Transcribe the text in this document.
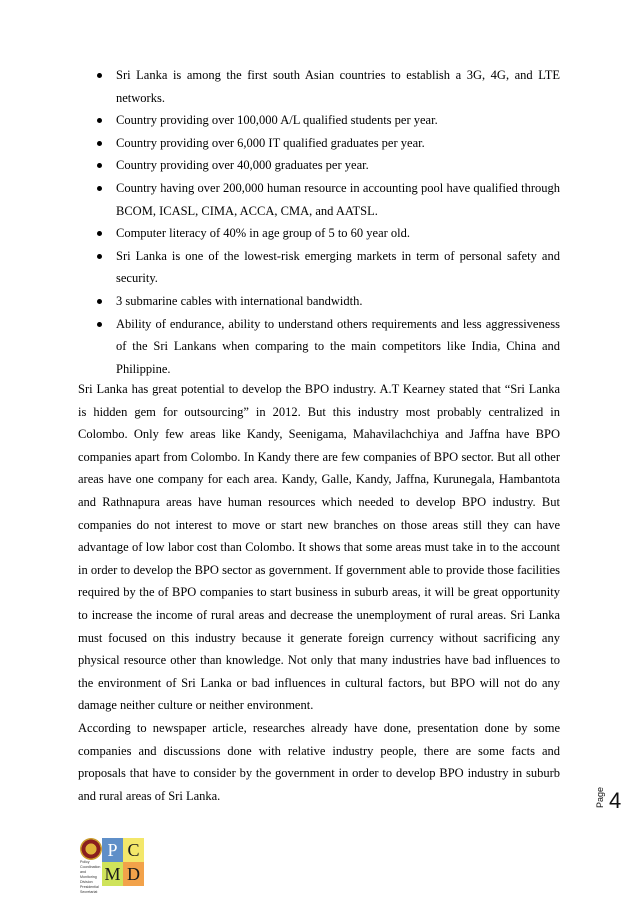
Sri Lanka is among the first south Asian countries to establish a 3G, 4G, and LTE networks.
Country providing over 100,000 A/L qualified students per year.
Country providing over 6,000 IT qualified graduates per year.
Country providing over 40,000 graduates per year.
Country having over 200,000 human resource in accounting pool have qualified through BCOM, ICASL, CIMA, ACCA, CMA, and AATSL.
Computer literacy of 40% in age group of 5 to 60 year old.
Sri Lanka is one of the lowest-risk emerging markets in term of personal safety and security.
3 submarine cables with international bandwidth.
Ability of endurance, ability to understand others requirements and less aggressiveness of the Sri Lankans when comparing to the main competitors like India, China and Philippine.

Sri Lanka has great potential to develop the BPO industry. A.T Kearney stated that “Sri Lanka is hidden gem for outsourcing” in 2012. But this industry most probably centralized in Colombo. Only few areas like Kandy, Seenigama, Mahavilachchiya and Jaffna have BPO companies apart from Colombo. In Kandy there are few companies of BPO sector. But all other areas have one company for each area. Kandy, Galle, Kandy, Jaffna, Kurunegala, Hambantota and Rathnapura areas have human resources which needed to develop BPO industry. But companies do not interest to move or start new branches on those areas still they can have advantage of low labor cost than Colombo. It shows that some areas must take in to the account in order to develop the BPO sector as government. If government able to provide those facilities required by the of BPO companies to start business in suburb areas, it will be great opportunity to increase the income of rural areas and decrease the unemployment of rural areas. Sri Lanka must focused on this industry because it generate foreign currency without sacrificing any physical resource other than knowledge. Not only that many industries have bad influences to the environment of Sri Lanka or bad influences in cultural factors, but BPO will not do any damage neither culture or neither environment.

According to newspaper article, researches already have done, presentation done by some companies and discussions done with relative industry people, there are some facts and proposals that have to consider by the government in order to develop BPO industry in suburb and rural areas of Sri Lanka.	Page 4
Policy
Coordination
and
Monitoring
Division
Presidential Secretariat
P C
M D
